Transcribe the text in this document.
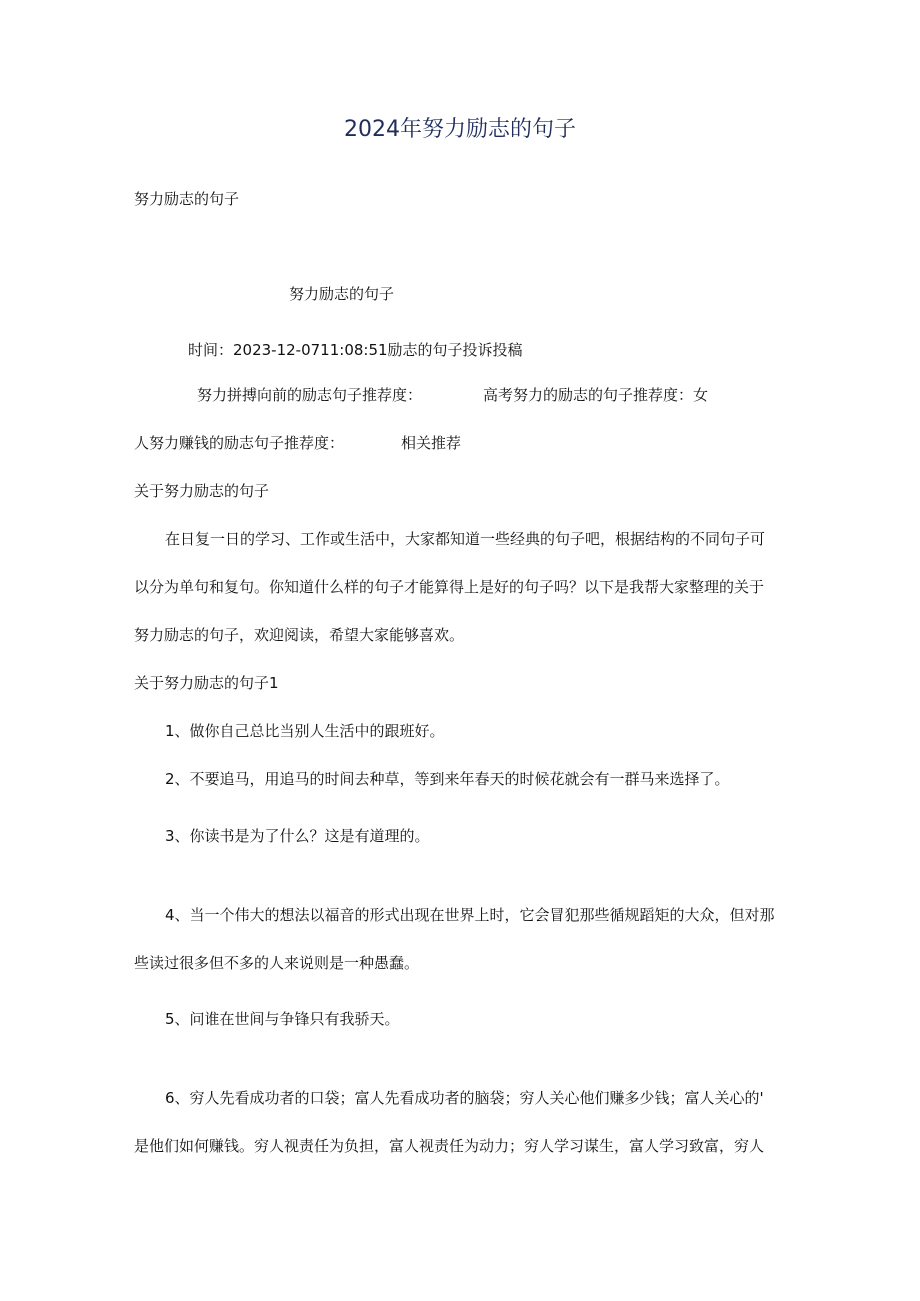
2024年努力励志的句子
努力励志的句子
努力励志的句子
时间：2023-12-0711:08:51励志的句子投诉投稿
努力拼搏向前的励志句子推荐度：	高考努力的励志的句子推荐度：女
人努力赚钱的励志句子推荐度：	相关推荐
关于努力励志的句子
在日复一日的学习、工作或生活中，大家都知道一些经典的句子吧，根据结构的不同句子可
以分为单句和复句。你知道什么样的句子才能算得上是好的句子吗？以下是我帮大家整理的关于
努力励志的句子，欢迎阅读，希望大家能够喜欢。
关于努力励志的句子1
1、做你自己总比当别人生活中的跟班好。
2、不要追马，用追马的时间去种草，等到来年春天的时候花就会有一群马来选择了。
3、你读书是为了什么？这是有道理的。
4、当一个伟大的想法以福音的形式出现在世界上时，它会冒犯那些循规蹈矩的大众，但对那
些读过很多但不多的人来说则是一种愚蠢。
5、问谁在世间与争锋只有我骄天。
6、穷人先看成功者的口袋；富人先看成功者的脑袋；穷人关心他们赚多少钱；富人关心的'
是他们如何赚钱。穷人视责任为负担，富人视责任为动力；穷人学习谋生，富人学习致富，穷人
